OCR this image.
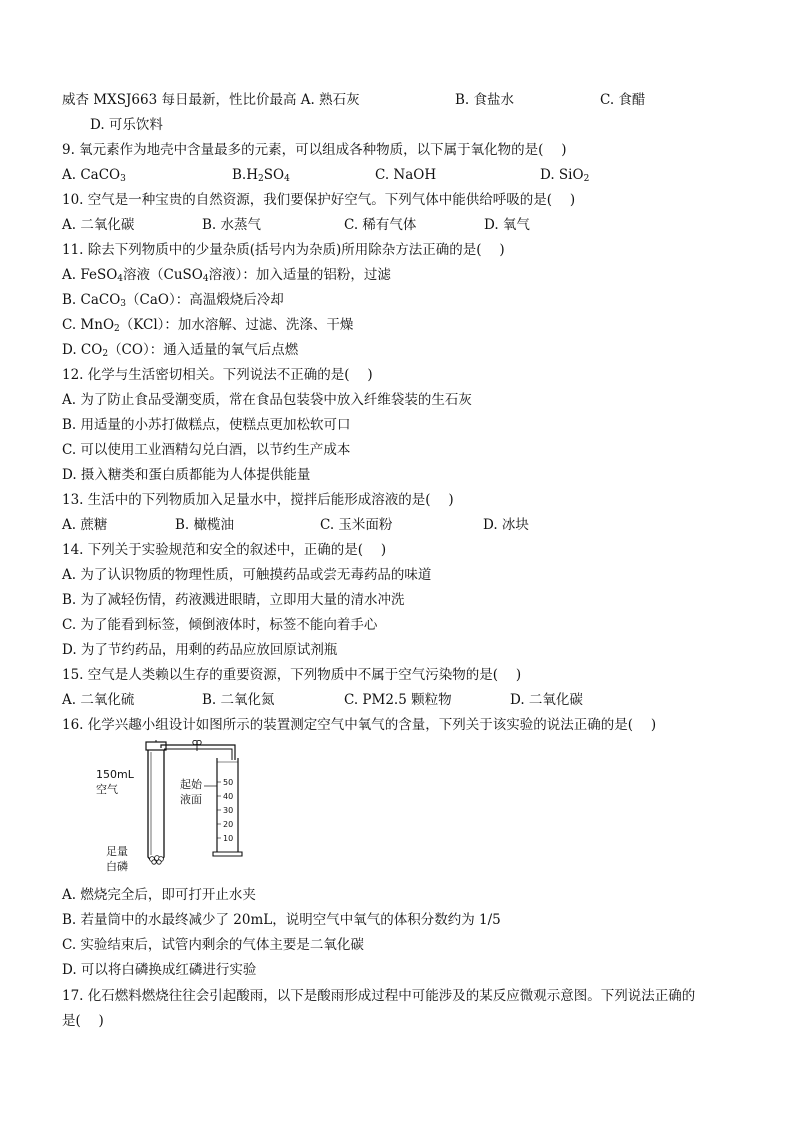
威杏 MXSJ663 每日最新，性比价最高 A. 熟石灰	B. 食盐水	C. 食醋
D. 可乐饮料
9. 氧元素作为地壳中含量最多的元素，可以组成各种物质，以下属于氧化物的是(　 )
A. CaCO$_3$	$B.H_2SO_4$	C. NaOH	D. SiO$_2$
10. 空气是一种宝贵的自然资源，我们要保护好空气。下列气体中能供给呼吸的是(　 )
A. 二氧化碳	B. 水蒸气	C. 稀有气体	D. 氧气
11. 除去下列物质中的少量杂质(括号内为杂质)所用除杂方法正确的是(　 )
A. FeSO$_4$溶液（CuSO$_4$溶液）：加入适量的铝粉，过滤
B. CaCO$_3$（CaO）：高温煅烧后冷却
C. MnO$_2$（KCl）：加水溶解、过滤、洗涤、干燥
D. $CO_2(CO)$：通入适量的氧气后点燃
12. 化学与生活密切相关。下列说法不正确的是(　 )
A. 为了防止食品受潮变质，常在食品包装袋中放入纤维袋装的生石灰
B. 用适量的小苏打做糕点，使糕点更加松软可口
C. 可以使用工业酒精勾兑白酒，以节约生产成本
D. 摄入糖类和蛋白质都能为人体提供能量
13. 生活中的下列物质加入足量水中，搅拌后能形成溶液的是(　 )
A. 蔗糖	B. 橄榄油	C. 玉米面粉	D. 冰块
14. 下列关于实验规范和安全的叙述中，正确的是(　 )
A. 为了认识物质的物理性质，可触摸药品或尝无毒药品的味道
B. 为了减轻伤情，药液溅进眼睛，立即用大量的清水冲洗
C. 为了能看到标签，倾倒液体时，标签不能向着手心
D. 为了节约药品，用剩的药品应放回原试剂瓶
15. 空气是人类赖以生存的重要资源，下列物质中不属于空气污染物的是(　 )
A. 二氧化硫	B. 二氧化氮	C. PM2.5 颗粒物	D. 二氧化碳
16. 化学兴趣小组设计如图所示的装置测定空气中氧气的含量，下列关于该实验的说法正确的是(　 )
50
40
30
20
10
150mL
空气	起始
液面
足量
白磷
A. 燃烧完全后，即可打开止水夹
B. 若量筒中的水最终减少了 20mL，说明空气中氧气的体积分数约为 1/5
C. 实验结束后，试管内剩余的气体主要是二氧化碳
D. 可以将白磷换成红磷进行实验
17. 化石燃料燃烧往往会引起酸雨，以下是酸雨形成过程中可能涉及的某反应微观示意图。下列说法正确的
是(　 )
